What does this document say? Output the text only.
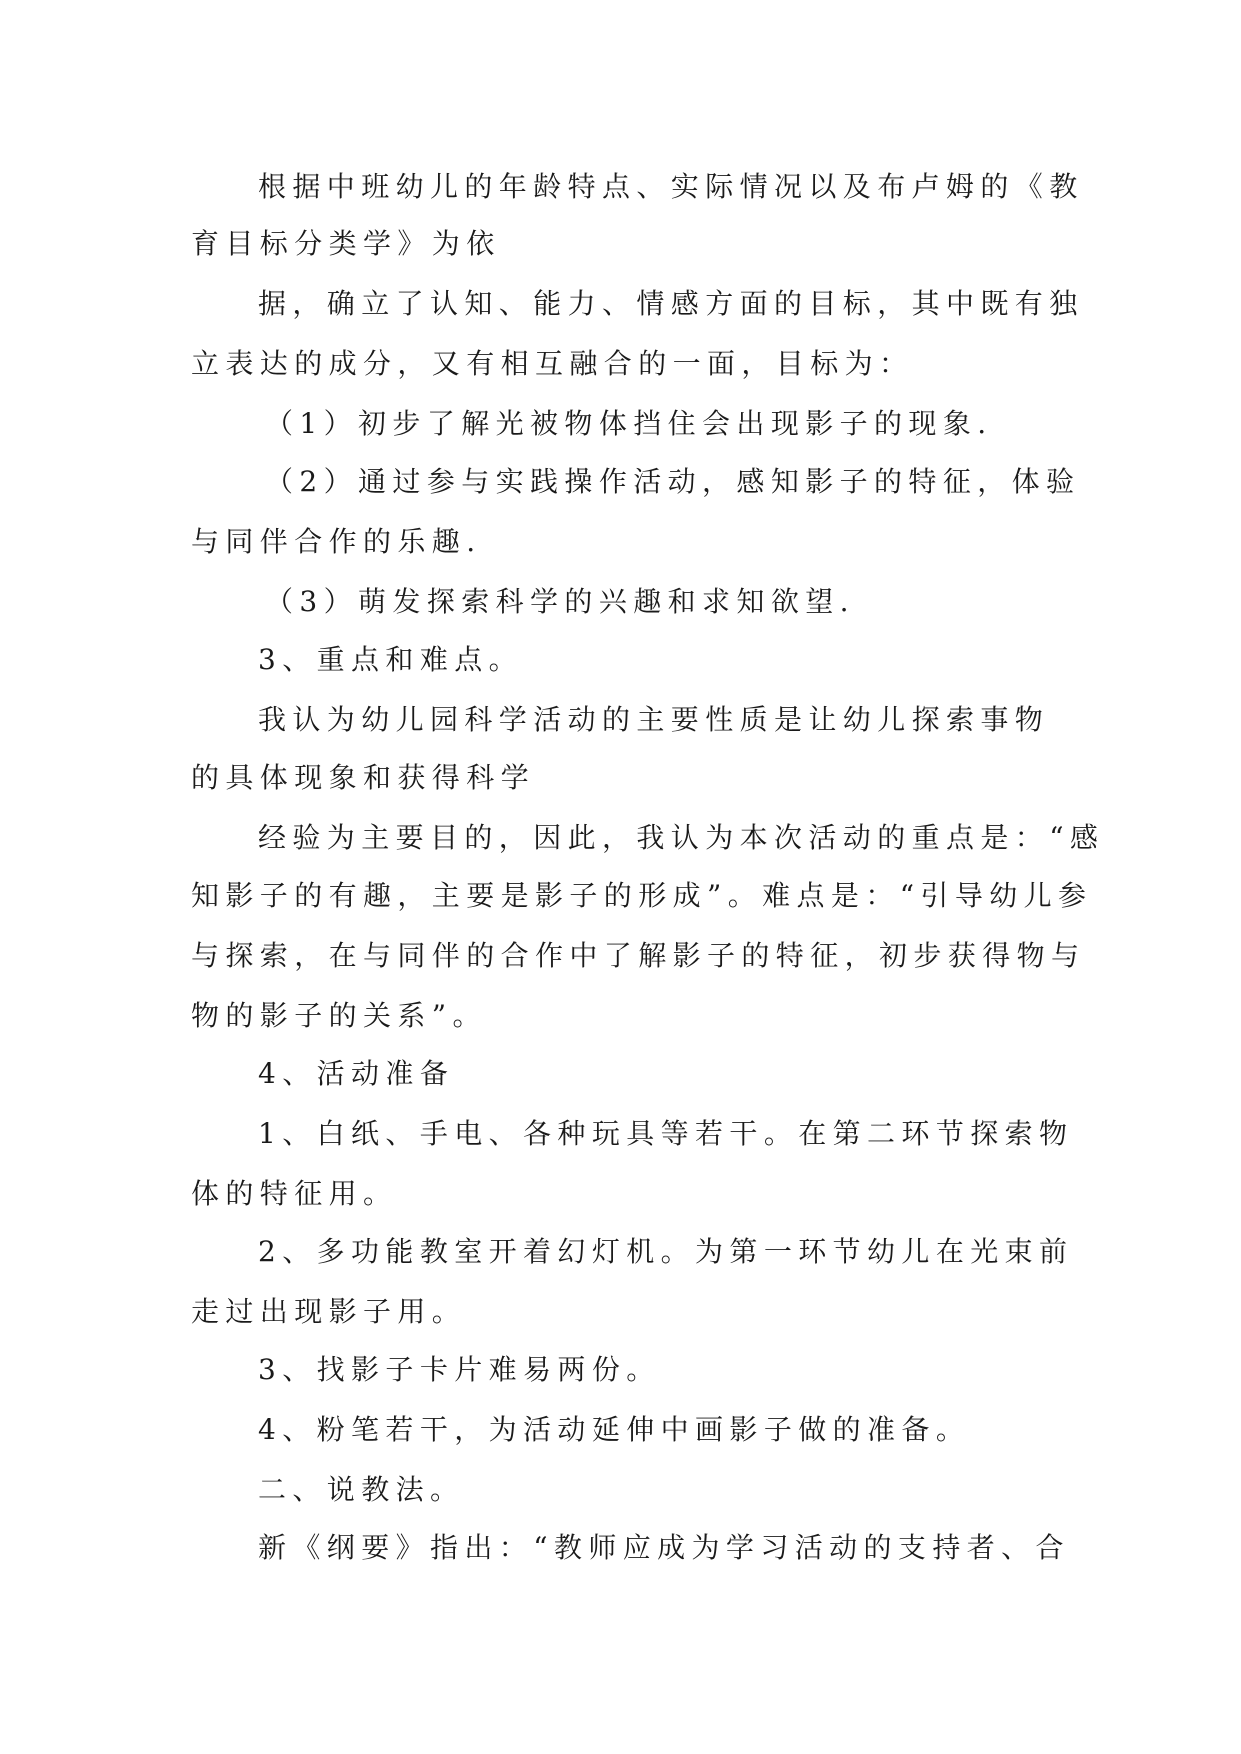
根据中班幼儿的年龄特点、实际情况以及布卢姆的《教
育目标分类学》为依
据，确立了认知、能力、情感方面的目标，其中既有独
立表达的成分，又有相互融合的一面，目标为：
（1）初步了解光被物体挡住会出现影子的现象.
（2）通过参与实践操作活动，感知影子的特征，体验
与同伴合作的乐趣.
（3）萌发探索科学的兴趣和求知欲望.
3、重点和难点。
我认为幼儿园科学活动的主要性质是让幼儿探索事物
的具体现象和获得科学
经验为主要目的，因此，我认为本次活动的重点是：“感
知影子的有趣，主要是影子的形成”。难点是：“引导幼儿参
与探索，在与同伴的合作中了解影子的特征，初步获得物与
物的影子的关系”。
4、活动准备
1、白纸、手电、各种玩具等若干。在第二环节探索物
体的特征用。
2、多功能教室开着幻灯机。为第一环节幼儿在光束前
走过出现影子用。
3、找影子卡片难易两份。
4、粉笔若干，为活动延伸中画影子做的准备。
二、说教法。
新《纲要》指出：“教师应成为学习活动的支持者、合
